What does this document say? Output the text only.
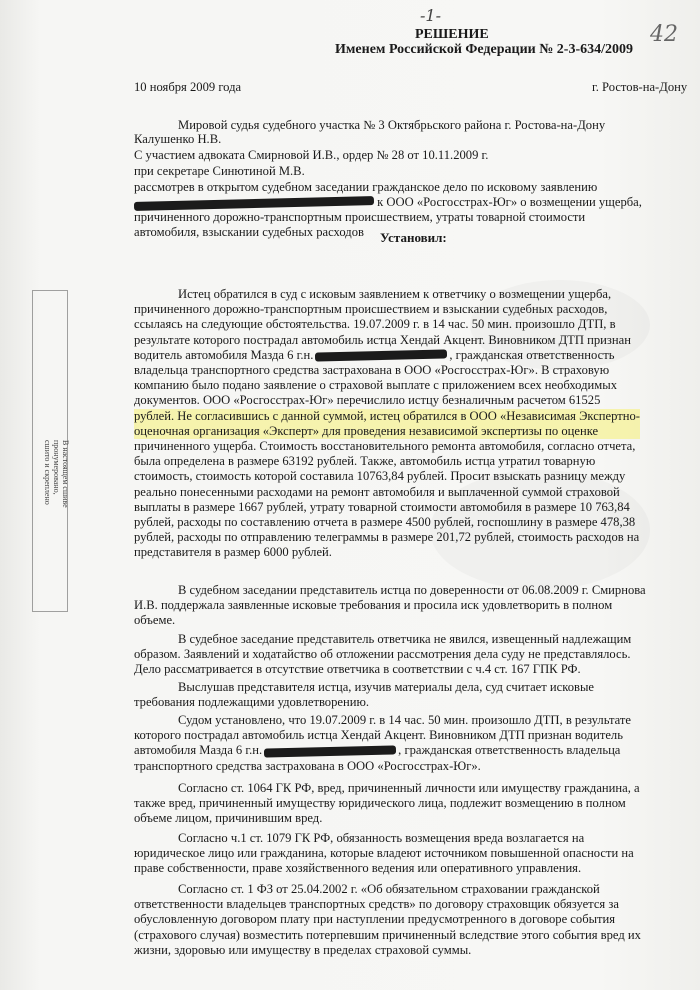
-1-
42
РЕШЕНИЕ
Именем Российской Федерации № 2-3-634/2009
10 ноября 2009 года	г. Ростов-на-Дону
Мировой судья судебного участка № 3 Октябрьского района г. Ростова-на-Дону
Калушенко Н.В.
С участием адвоката Смирновой И.В., ордер № 28 от 10.11.2009 г.
при секретаре Синютиной М.В.
рассмотрев в открытом судебном заседании гражданское дело по исковому заявлению
к ООО «Росгосстрах-Юг» о возмещении ущерба,
причиненного дорожно-транспортным происшествием, утраты товарной стоимости
автомобиля, взыскании судебных расходов Установил:
В настоящем сшиве
пронумеровано,
сшито и скреплено
Истец обратился в суд с исковым заявлением к ответчику о возмещении ущерба,
причиненного дорожно-транспортным происшествием и взыскании судебных расходов,
ссылаясь на следующие обстоятельства. 19.07.2009 г. в 14 час. 50 мин. произошло ДТП, в
результате которого пострадал автомобиль истца Хендай Акцент. Виновником ДТП признан
водитель автомобиля Мазда 6 г.н.	, гражданская ответственность
владельца транспортного средства застрахована в ООО «Росгосстрах-Юг». В страховую
компанию было подано заявление о страховой выплате с приложением всех необходимых
документов. ООО «Росгосстрах-Юг» перечислило истцу безналичным расчетом 61525
рублей. Не согласившись с данной суммой, истец обратился в ООО «Независимая Экспертно-
оценочная организация «Эксперт» для проведения независимой экспертизы по оценке
причиненного ущерба. Стоимость восстановительного ремонта автомобиля, согласно отчета,
была определена в размере 63192 рублей. Также, автомобиль истца утратил товарную
стоимость, стоимость которой составила 10763,84 рублей. Просит взыскать разницу между
реально понесенными расходами на ремонт автомобиля и выплаченной суммой страховой
выплаты в размере 1667 рублей, утрату товарной стоимости автомобиля в размере 10 763,84
рублей, расходы по составлению отчета в размере 4500 рублей, госпошлину в размере 478,38
рублей, расходы по отправлению телеграммы в размере 201,72 рублей, стоимость расходов на
представителя в размер 6000 рублей.
В судебном заседании представитель истца по доверенности от 06.08.2009 г. Смирнова
И.В. поддержала заявленные исковые требования и просила иск удовлетворить в полном
объеме.
В судебное заседание представитель ответчика не явился, извещенный надлежащим
образом. Заявлений и ходатайство об отложении рассмотрения дела суду не представлялось.
Дело рассматривается в отсутствие ответчика в соответствии с ч.4 ст. 167 ГПК РФ.
Выслушав представителя истца, изучив материалы дела, суд считает исковые
требования подлежащими удовлетворению.
Судом установлено, что 19.07.2009 г. в 14 час. 50 мин. произошло ДТП, в результате
которого пострадал автомобиль истца Хендай Акцент. Виновником ДТП признан водитель
автомобиля Мазда 6 г.н.	, гражданская ответственность владельца
транспортного средства застрахована в ООО «Росгосстрах-Юг».
Согласно ст. 1064 ГК РФ, вред, причиненный личности или имуществу гражданина, а
также вред, причиненный имуществу юридического лица, подлежит возмещению в полном
объеме лицом, причинившим вред.
Согласно ч.1 ст. 1079 ГК РФ, обязанность возмещения вреда возлагается на
юридическое лицо или гражданина, которые владеют источником повышенной опасности на
праве собственности, праве хозяйственного ведения или оперативного управления.
Согласно ст. 1 ФЗ от 25.04.2002 г. «Об обязательном страховании гражданской
ответственности владельцев транспортных средств» по договору страховщик обязуется за
обусловленную договором плату при наступлении предусмотренного в договоре события
(страхового случая) возместить потерпевшим причиненный вследствие этого события вред их
жизни, здоровью или имуществу в пределах страховой суммы.
